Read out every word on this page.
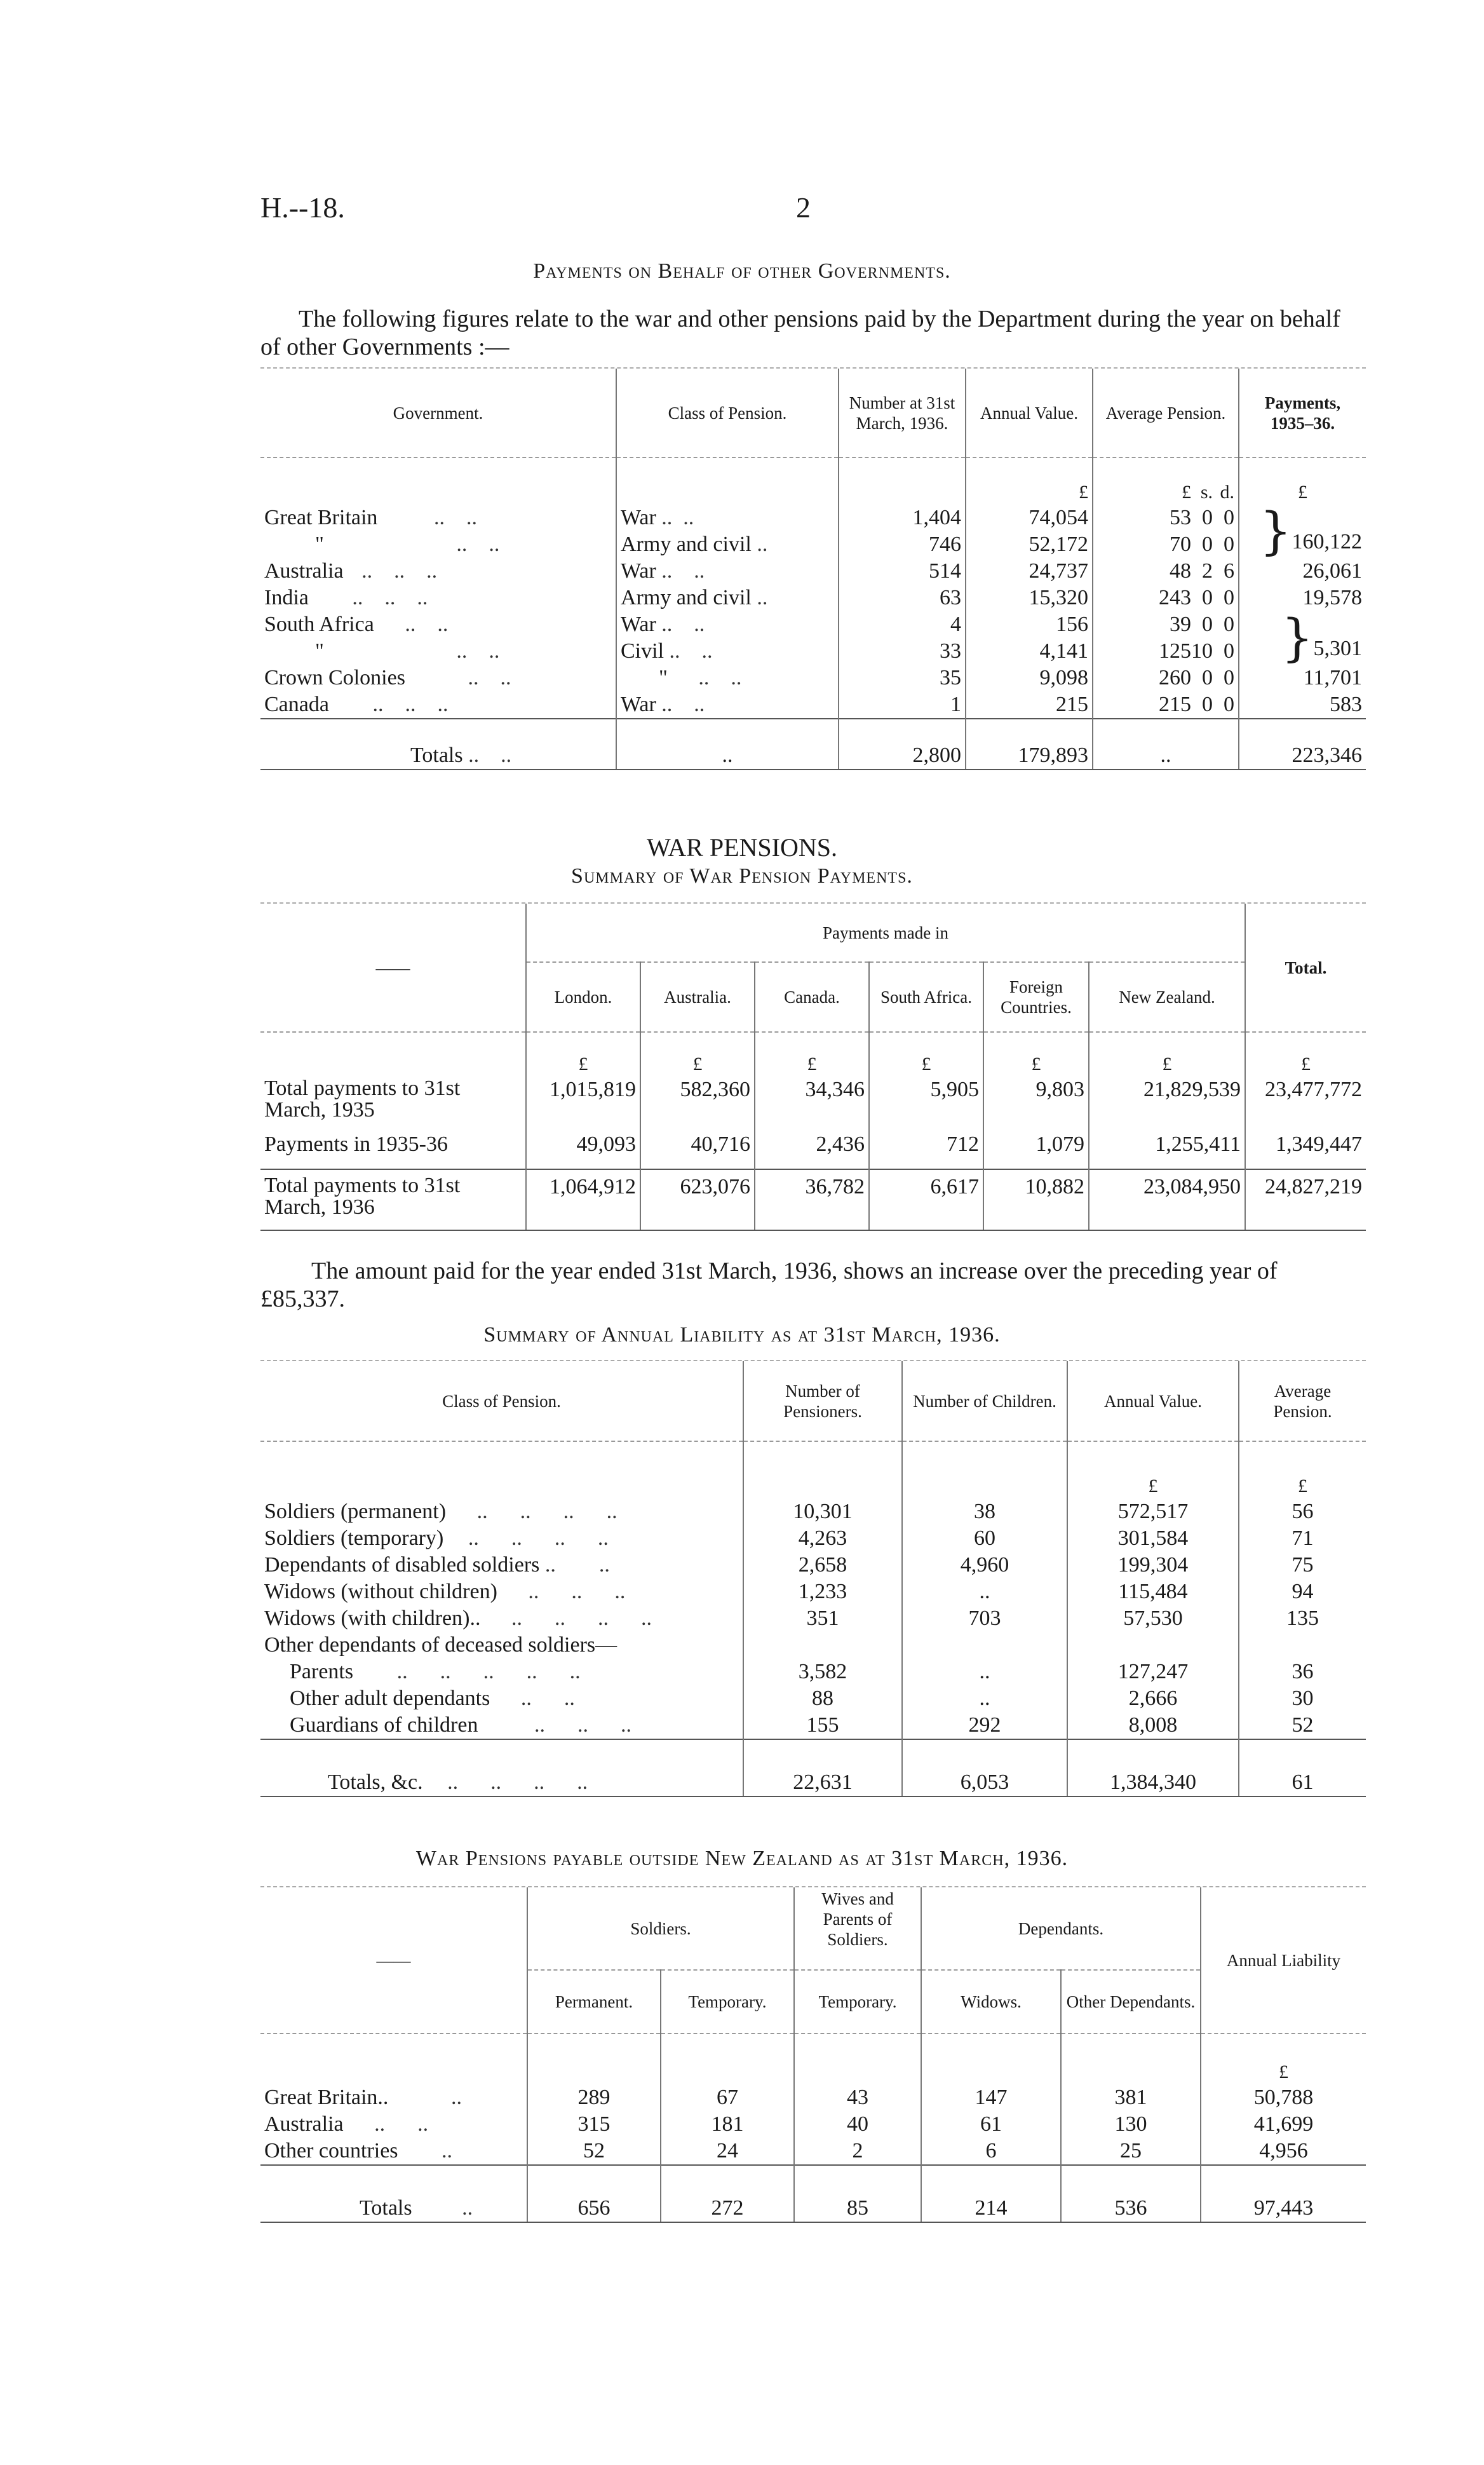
H.--18.	2
Payments on Behalf of other Governments.
The following figures relate to the war and other pensions paid by the Department during the year on behalf of other Governments :—
Government.	Class of Pension.	Number at 31st March, 1936.	Annual Value.	Average Pension.	Payments, 1935–36.
			£	£ s. d.	£
Great Britain ..    ..	War ..  ..	1,404	74,054	53 0 0	}160,122
" ..    ..	Army and civil ..	746	52,172	70 0 0	
Australia ..    ..    ..	War ..    ..	514	24,737	48 2 6	26,061
India ..    ..    ..	Army and civil ..	63	15,320	243 0 0	19,578
South Africa ..    ..	War ..    ..	4	156	39 0 0	}5,301
" ..    ..	Civil ..    ..	33	4,141	12510 0	
Crown Colonies ..    ..	" ..    ..	35	9,098	260 0 0	11,701
Canada ..    ..    ..	War ..    ..	1	215	215 0 0	583
Totals ..    ..	..	2,800	179,893	..	223,346
WAR PENSIONS.
Summary of War Pension Payments.
——	Payments made in						Total.
	London.	Australia.	Canada.	South Africa.	Foreign Countries.	New Zealand.	
	£	£	£	£	£	£	£
Total payments to 31st March, 1935	1,015,819	582,360	34,346	5,905	9,803	21,829,539	23,477,772
Payments in 1935-36	49,093	40,716	2,436	712	1,079	1,255,411	1,349,447
Total payments to 31st March, 1936	1,064,912	623,076	36,782	6,617	10,882	23,084,950	24,827,219
The amount paid for the year ended 31st March, 1936, shows an increase over the preceding year of £85,337.
Summary of Annual Liability as at 31st March, 1936.
Class of Pension.	Number of Pensioners.	Number of Children.	Annual Value.	Average Pension.
			£	£
Soldiers (permanent) ..      ..      ..      ..	10,301	38	572,517	56
Soldiers (temporary) ..      ..      ..      ..	4,263	60	301,584	71
Dependants of disabled soldiers ..        ..	2,658	4,960	199,304	75
Widows (without children) ..      ..      ..	1,233	..	115,484	94
Widows (with children).. ..      ..      ..      ..	351	703	57,530	135
Other dependants of deceased soldiers—				
Parents ..      ..      ..      ..      ..	3,582	..	127,247	36
Other adult dependants ..      ..	88	..	2,666	30
Guardians of children ..      ..      ..	155	292	8,008	52
Totals, &c. ..      ..      ..      ..	22,631	6,053	1,384,340	61
War Pensions payable outside New Zealand as at 31st March, 1936.
——	Soldiers.		Wives and Parents of Soldiers.	Dependants.		Annual Liability
	Permanent.	Temporary.	Temporary.	Widows.	Other Dependants.	
						£
Great Britain.. ..	289	67	43	147	381	50,788
Australia ..      ..	315	181	40	61	130	41,699
Other countries ..	52	24	2	6	25	4,956
Totals ..	656	272	85	214	536	97,443
